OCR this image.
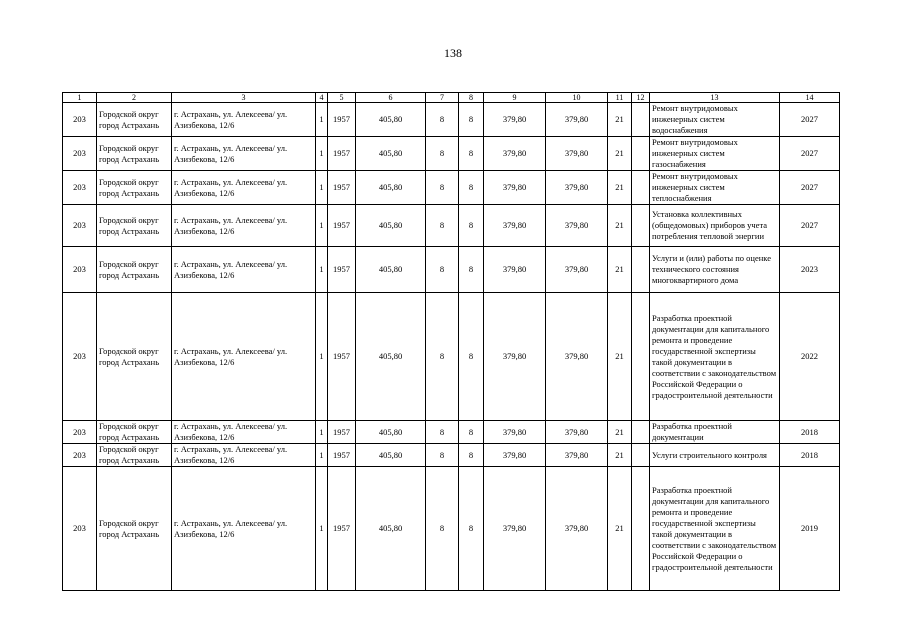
138
1	2	3	4	5	6	7	8	9	10	11	12	13	14
203	Городской округ город Астрахань	г. Астрахань, ул. Алексеева/ ул. Азизбекова, 12/6	1	1957	405,80	8	8	379,80	379,80	21		Ремонт внутридомовых инженерных систем водоснабжения	2027
203	Городской округ город Астрахань	г. Астрахань, ул. Алексеева/ ул. Азизбекова, 12/6	1	1957	405,80	8	8	379,80	379,80	21		Ремонт внутридомовых инженерных систем газоснабжения	2027
203	Городской округ город Астрахань	г. Астрахань, ул. Алексеева/ ул. Азизбекова, 12/6	1	1957	405,80	8	8	379,80	379,80	21		Ремонт внутридомовых инженерных систем теплоснабжения	2027
203	Городской округ город Астрахань	г. Астрахань, ул. Алексеева/ ул. Азизбекова, 12/6	1	1957	405,80	8	8	379,80	379,80	21		Установка коллективных (общедомовых) приборов учета потребления тепловой энергии	2027
203	Городской округ город Астрахань	г. Астрахань, ул. Алексеева/ ул. Азизбекова, 12/6	1	1957	405,80	8	8	379,80	379,80	21		Услуги и (или) работы по оценке технического состояния многоквартирного дома	2023
203	Городской округ город Астрахань	г. Астрахань, ул. Алексеева/ ул. Азизбекова, 12/6	1	1957	405,80	8	8	379,80	379,80	21		Разработка проектной документации для капитального ремонта и проведение государственной экспертизы такой документации в соответствии с законодательством Российской Федерации о градостроительной деятельности	2022
203	Городской округ город Астрахань	г. Астрахань, ул. Алексеева/ ул. Азизбекова, 12/6	1	1957	405,80	8	8	379,80	379,80	21		Разработка проектной документации	2018
203	Городской округ город Астрахань	г. Астрахань, ул. Алексеева/ ул. Азизбекова, 12/6	1	1957	405,80	8	8	379,80	379,80	21		Услуги строительного контроля	2018
203	Городской округ город Астрахань	г. Астрахань, ул. Алексеева/ ул. Азизбекова, 12/6	1	1957	405,80	8	8	379,80	379,80	21		Разработка проектной документации для капитального ремонта и проведение государственной экспертизы такой документации в соответствии с законодательством Российской Федерации о градостроительной деятельности	2019
